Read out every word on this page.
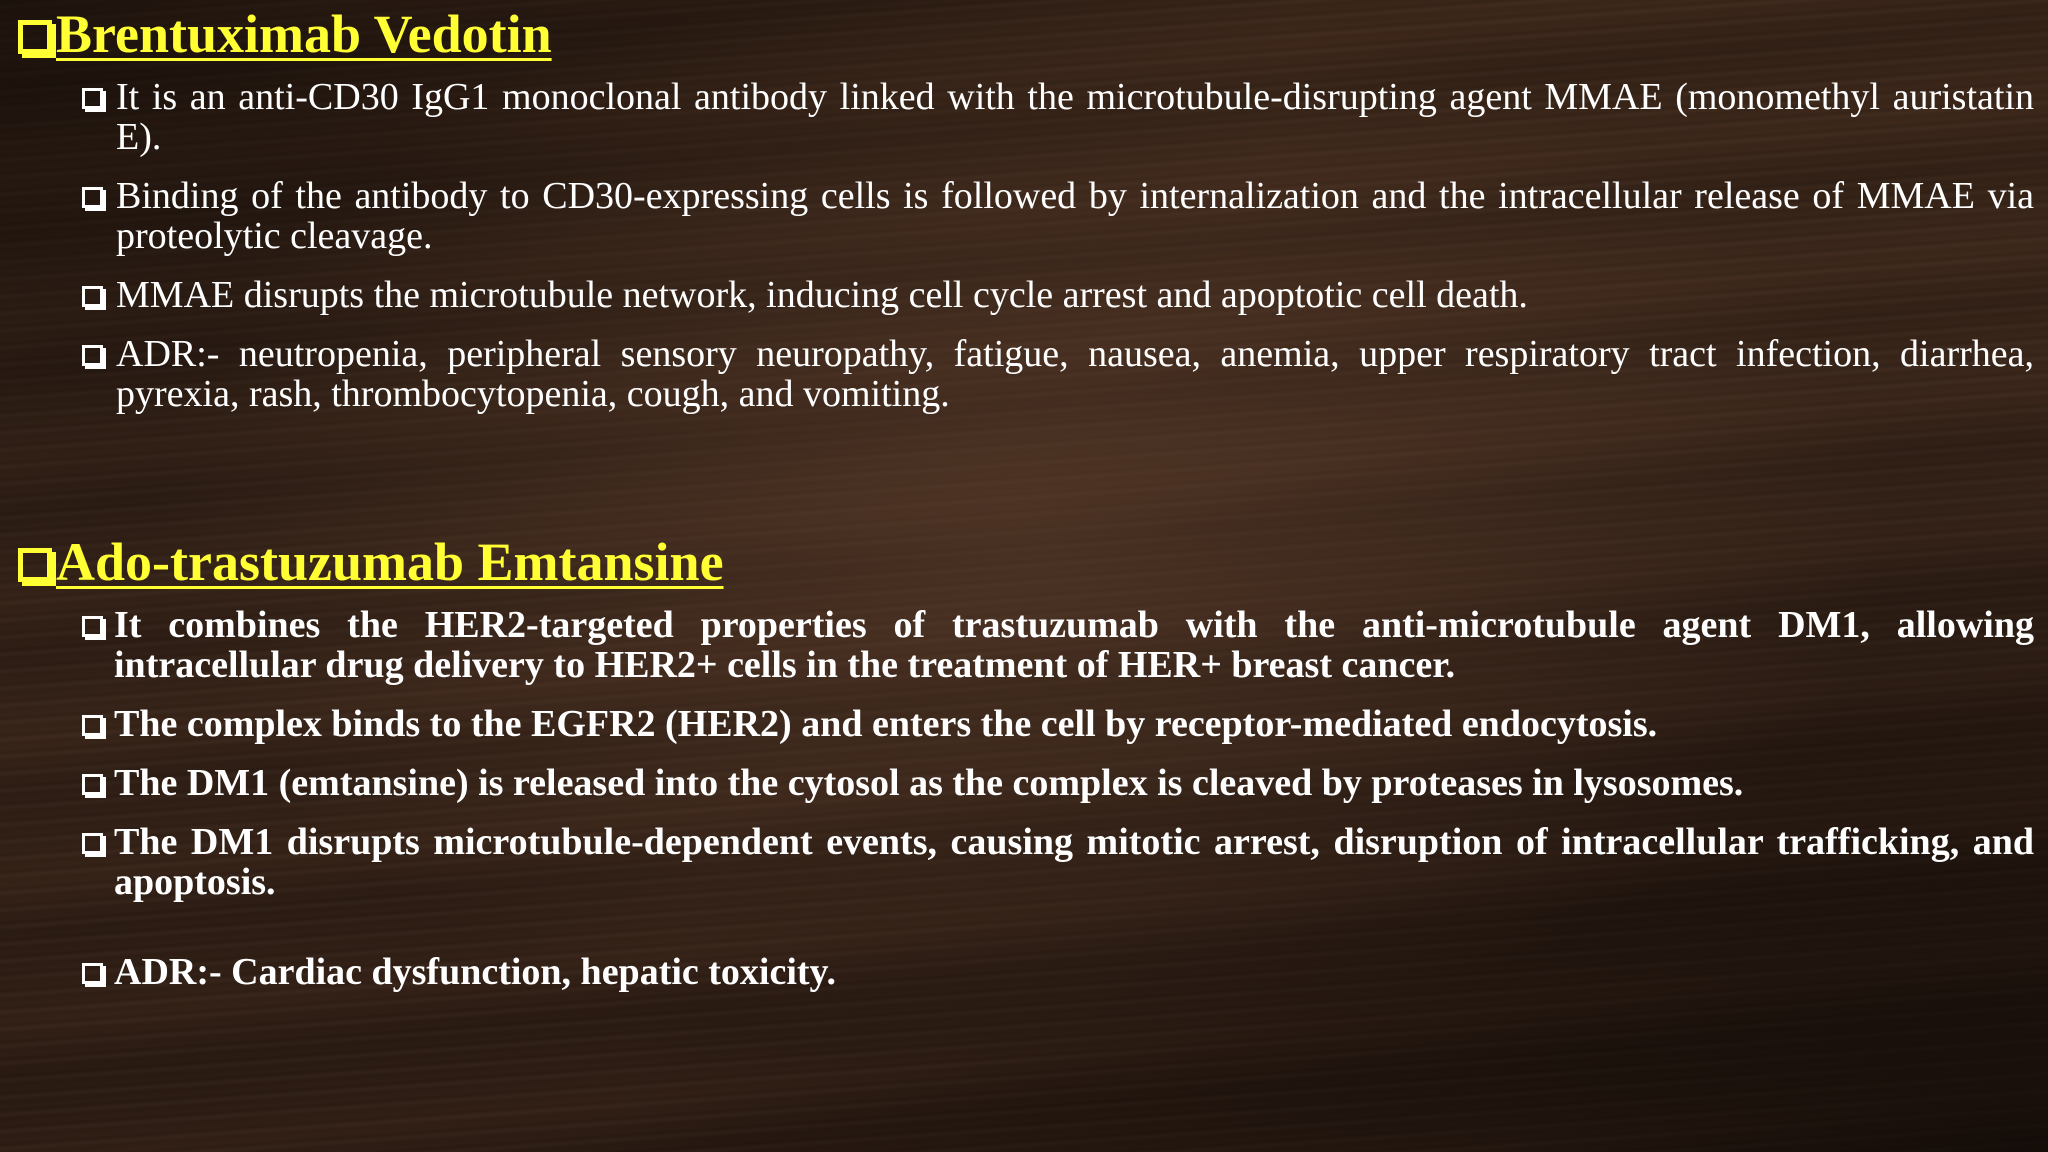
Brentuximab Vedotin
It is an anti-CD30 IgG1 monoclonal antibody linked with the microtubule-disrupting agent MMAE (monomethyl auristatin E).
Binding of the antibody to CD30-expressing cells is followed by internalization and the intracellular release of MMAE via proteolytic cleavage.
MMAE disrupts the microtubule network, inducing cell cycle arrest and apoptotic cell death.
ADR:- neutropenia, peripheral sensory neuropathy, fatigue, nausea, anemia, upper respiratory tract infection, diarrhea, pyrexia, rash, thrombocytopenia, cough, and vomiting.
Ado-trastuzumab Emtansine
It combines the HER2-targeted properties of trastuzumab with the anti-microtubule agent DM1, allowing intracellular drug delivery to HER2+ cells in the treatment of HER+ breast cancer.
The complex binds to the EGFR2 (HER2) and enters the cell by receptor-mediated endocytosis.
The DM1 (emtansine) is released into the cytosol as the complex is cleaved by proteases in lysosomes.
The DM1 disrupts microtubule-dependent events, causing mitotic arrest, disruption of intracellular trafficking, and apoptosis.
ADR:- Cardiac dysfunction, hepatic toxicity.
